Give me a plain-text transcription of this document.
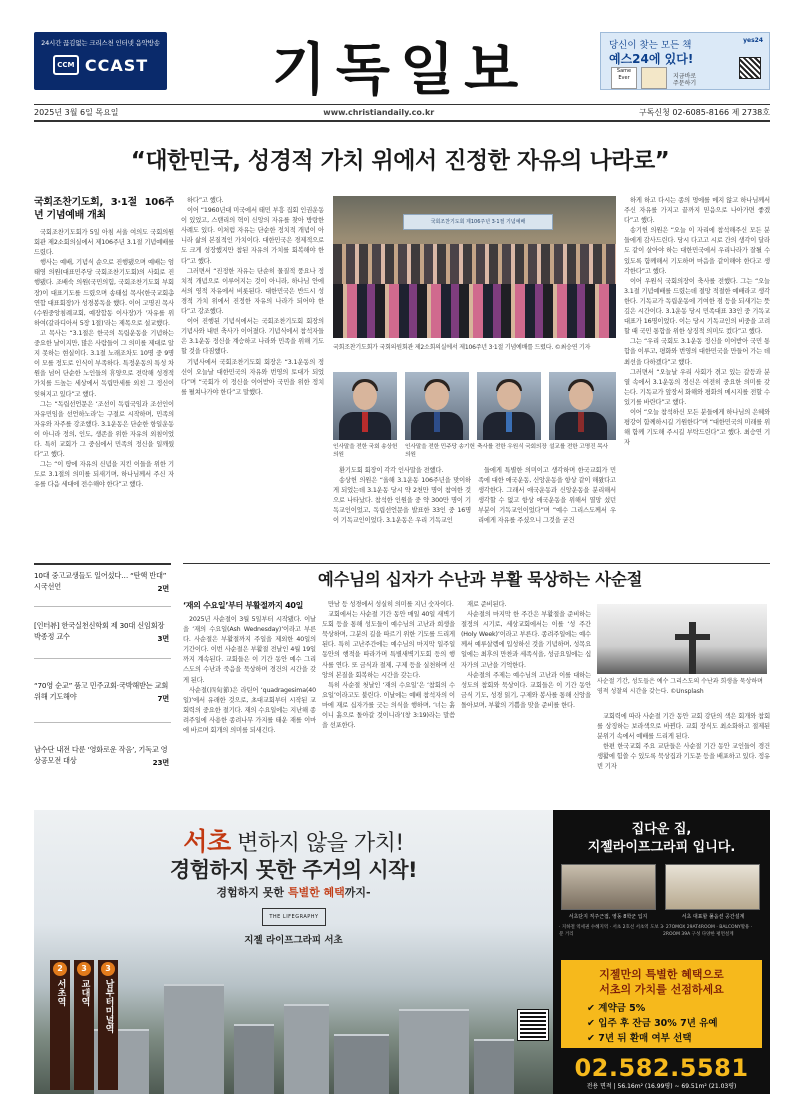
24시간 끊김없는 크리스천 인터넷 음악방송
CCM CCAST	기독일보	당신이 찾는 모든 책
예스24에 있다!
yes24
Same Ever	지금바로
주문하기
2025년 3월 6일 목요일	www.christiandaily.co.kr	구독신청 02-6085-8166 제 2738호
“대한민국, 성경적 가치 위에서 진정한 자유의 나라로”
국회조찬기도회, 3·1절 106주년 기념예배 개최

국회조찬기도회가 5일 아침 서울 여의도 국회의원회관 제2소회의실에서 제106주년 3.1절 기념예배를 드렸다.

행사는 예배, 기념식 순으로 진행됐으며 예배는 엄태영 의원(대표민주당 국회조찬기도회)의 사회로 진행됐다. 조배숙 의원(국민의힘, 국회조찬기도회 부회장)이 대표기도를 드렸으며 송태섭 목사(한국교회총연합 대표회장)가 성경봉독을 했다. 이어 고명진 목사(수원중앙침례교회, 예장합동 이사장)가 '자유를 위하여(갈라디아서 5장 1절)'라는 제목으로 설교했다.

고 목사는 “3.1절은 한국의 독립운동을 기념하는 중요한 날이지만, 많은 사람들이 그 의미를 제대로 알지 못하는 현실이다. 3.1절 노래조차도 10명 중 9명이 모를 정도로 인식이 부족하다. 특정운동의 특성 차원을 넘어 단순한 노인들의 휴양으로 전락해 성경적 가치를 드높는 세상에서 독립만세를 외친 그 정신이 잊혀지고 있다”고 했다.

그는 “독립선언문은 ‘조선이 독립국임과 조선인이 자유민임을 선언하노라’는 구절로 시작하며, 민족의 자유와 자주를 강조했다. 3.1운동은 단순한 항일운동이 아니라 정의, 인도, 생존을 위한 자유의 외침이었다. 특히 교회가 그 중심에서 민족의 정신을 일깨웠다”고 했다.

그는 “이 땅에 자유의 신념을 지킨 이들을 위한 기도로 3.1절의 의미를 되새기며, 하나님께서 주신 자유를 다음 세대에 전수해야 한다”고 했다.

하다”고 했다.

이어 “1960년대 미국에서 태민 부흥 집회 인권운동이 있었고, 스탠리의 혁이 신앙의 자유를 찾아 방랑한 사례도 있다. 이처럼 자유는 단순한 정치적 개념이 아니라 삶의 본질적인 가치이다. 대한민국은 경제적으로도 크게 성장했지만 참된 자유의 가치를 회복해야 한다”고 했다.

그러면서 “진정한 자유는 단순히 물질적 풍요나 정치적 개념으로 이루어지는 것이 아니라, 하나님 안에서의 영적 자유에서 비롯된다. 대한민국은 반드시 성경적 가치 위에서 진정한 자유의 나라가 되어야 한다”고 강조했다.

이어 진행된 기념식에서는 국회조찬기도회 회장의 기념사와 내빈 축사가 이어졌다. 기념식에서 참석자들은 3.1운동 정신을 계승하고 나라와 민족을 위해 기도할 것을 다짐했다.

기념사에서 국회조찬기도회 회장은 “3.1운동의 정신이 오늘날 대한민국의 자유와 번영의 토대가 되었다”며 “국회가 이 정신을 이어받아 국민을 위한 정치를 펼쳐나가야 한다”고 말했다.

국회조찬기도회 제106주년 3·1절 기념예배
국회조찬기도회가 국회의원회관 제2소회의실에서 제106주년 3·1절 기념예배를 드렸다. ©최승연 기자
인사말을 전한 국회 송상헌 의원
인사말을 전한 민주당 송기헌 의원
축사를 전한 우원식 국회의장 설교를 전한 고명진 목사

환기도회 회장이 각각 인사말을 전했다.

송상헌 의원은 “올해 3.1운동 106주년을 맞이하게 되었는데 3.1운동 당시 약 2천만 명이 참여한 것으로 나타났다. 참석한 인원을 중 약 300만 명이 기독교인이었고, 독립선언문을 발표한 33인 중 16명이 기독교인이었다. 3.1운동은 우리 기독교인

들에게 특별한 의미이고 생각하며 한국교회가 민족에 대한 애국운동, 신앙운동을 항상 같이 해왔다고 생각한다. 그래서 애국운동과 신앙운동을 분리해서 생각할 수 없고 항상 애국운동을 위해서 열망 섰던 부분이 기독교인이었다”며 “예수 그리스도께서 우리에게 자유를 주셨으니 그것을 굳건

하게 하고 다시는 종의 멍에를 메지 않고 하나님께서 주신 자유를 가지고 끝까지 믿음으로 나아가면 좋겠다”고 했다.

송기헌 의원은 “오늘 이 자리에 참석해주신 모든 분들에게 감사드린다. 당시 다고고 시로 간의 생각이 달라도 같이 살아야 하는 대한민국에서 우리나라가 잘될 수 있도록 함께해서 기도하며 마음을 같이해야 한다고 생각한다”고 했다.

이어 우원식 국회의장이 축사를 전했다. 그는 “오늘 3.1절 기념예배를 드렸는데 절망 적절한 예배라고 생각한다. 기독교가 독립운동에 기여한 점 등을 되새기는 뜻깊은 시간이다. 3.1운동 당시 민족대표 33인 중 기독교 대표가 16명이었다. 이는 당시 기독교인의 비중을 고려할 때 국민 통합을 위한 상징적 의미도 컸다”고 했다.

그는 “우리 국회도 3.1운동 정신을 이어받아 국민 통합을 이루고, 평화와 번영의 대한민국을 만들어 가는 데 최선을 다하겠다”고 했다.

그러면서 “오늘날 우리 사회가 겪고 있는 갈등과 분열 속에서 3.1운동의 정신은 여전히 중요한 의미를 갖는다. 기독교가 앞장서 화해와 평화의 메시지를 전할 수 있기를 바란다”고 했다.

이어 “오늘 참석하신 모든 분들에게 하나님의 은혜와 평강이 함께하시길 기원한다”며 “대한민국의 미래를 위해 함께 기도해 주시길 부탁드린다”고 했다. 최승연 기자

10대 중고교생들도 일어섰다… “탄핵 반대” 시국선언	2면
[인터뷰] 한국실천신학회 제 30대 신임회장 박종정 교수	3면
“70영 순교” 품고 민주교회·국박해받는 교회 위해 기도해야	7면
남수단 내전 다룬 ‘영화로운 작음’, 기독교 영상공모전 대상	23면
예수님의 십자가 수난과 부활 묵상하는 사순절
‘재의 수요일’부터 부활절까지 40일

2025년 사순절이 3월 5일부터 시작됐다. 이날을 ‘재의 수요일(Ash Wednesday)’이라고 부른다. 사순절은 부활절까지 주일을 제외한 40일의 기간이다. 이번 사순절은 부활절 전날인 4월 19일까지 계속된다. 교회들은 이 기간 동안 예수 그리스도의 수난과 죽음을 묵상하며 경건의 시간을 갖게 된다.

사순절(四旬節)은 라틴어 ‘quadragesima(40일)’에서 유래한 것으로, 초대교회부터 시작된 교회력의 중요한 절기다. 재의 수요일에는 지난해 종려주일에 사용한 종려나무 가지를 태운 재를 이마에 바르며 회개의 의미를 되새긴다.

만남 등 성경에서 성실히 의미를 지닌 숫자이다.

교회에서는 사순절 기간 동안 매일 40일 새벽기도회 등을 통해 성도들이 예수님의 고난과 희생을 묵상하며, 그분의 길을 따르기 위한 기도를 드리게 된다. 특히 고난주간에는 예수님의 마지막 일주일 동안의 행적을 따라가며 특별새벽기도회 등의 행사를 연다. 또 금식과 절제, 구제 등을 실천하며 신앙의 본질을 회복하는 시간을 갖는다.

특히 사순절 첫날인 ‘재의 수요일’은 ‘참회의 수요일’이라고도 불린다. 이날에는 예배 참석자의 이마에 재로 십자가를 긋는 의식을 행하며, ‘너는 흙이니 흙으로 돌아갈 것이니라’(창 3:19)라는 말씀을 선포한다.

재로 준비된다.

사순절의 마지막 한 주간은 부활절을 준비하는 절정의 시기로, 세상교회에서는 이를 ‘성 주간(Holy Week)’이라고 부른다. 종려주일에는 예수께서 예루살렘에 입성하신 것을 기념하며, 성목요일에는 최후의 만찬과 세족식을, 성금요일에는 십자가의 고난을 기억한다.

사순절의 주제는 예수님의 고난과 이를 대하는 성도의 참회와 묵상이다. 교회들은 이 기간 동안 금식 기도, 성경 읽기, 구제와 봉사를 통해 신앙을 돌아보며, 부활의 기쁨을 맞을 준비를 한다.

사순절 기간, 성도들은 예수 그리스도의 수난과 희생을 묵상하며 영적 성찰의 시간을 갖는다. ©Unsplash

교회력에 따라 사순절 기간 동안 교회 강단의 색은 회개와 참회를 상징하는 보라색으로 바뀐다. 교회 장식도 최소화하고 절제된 분위기 속에서 예배를 드리게 된다.

한편 한국교회 주요 교단들은 사순절 기간 동안 교인들이 경건 생활에 힘쓸 수 있도록 묵상집과 기도문 등을 배포하고 있다. 정유빈 기자

서초 변하지 않을 가치!
경험하지 못한 주거의 시작!
경험하지 못한 특별한 혜택까지-
THE LIFEGRAPHY
지젤 라이프그라피 서초
2
서초역
3
교대역
3
남부터미널역
집다운 집,
지젤라이프그라피 입니다.
서초단지 직주근접, 영동 8학군 입지	서초 대표할 풀옵션 공간설계
· 지하철 역세권 수혜지역 · 서초 2호선 서초역 도보 3분 거리
· 27OMOX 29AT4ROOM · BALCONY활용 · 2ROOM 39A 구성 다양한 평면설계
지젤만의 특별한 혜택으로
서초의 가치를 선점하세요
✔ 계약금 5%
✔ 입주 후 잔금 30% 7년 유예
✔ 7년 뒤 환매 여부 선택
02.582.5581
전용 면적 | 56.16m² (16.99평) ~ 69.51m² (21.03평)
